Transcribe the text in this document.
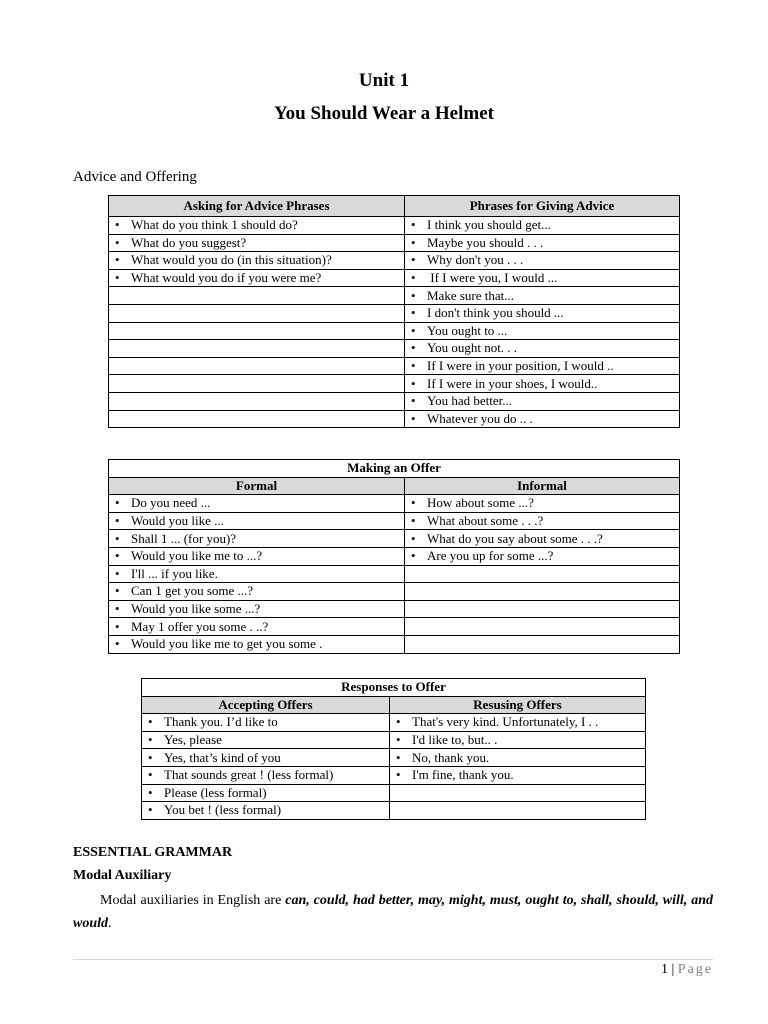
Unit 1
You Should Wear a Helmet
Advice and Offering
Asking for Advice Phrases	Phrases for Giving Advice
• What do you think 1 should do?	• I think you should get...
• What do you suggest?	• Maybe you should . . .
• What would you do (in this situation)?	• Why don't you . . .
• What would you do if you were me?	• If I were you, I would ...
	• Make sure that...
	• I don't think you should ...
	• You ought to ...
	• You ought not. . .
	• If I were in your position, I would ..
	• If I were in your shoes, I would..
	• You had better...
	• Whatever you do .. .
Making an Offer	
Formal	Informal
• Do you need ...	• How about some ...?
• Would you like ...	• What about some . . .?
• Shall 1 ... (for you)?	• What do you say about some . . .?
• Would you like me to ...?	• Are you up for some ...?
• I'll ... if you like.	
• Can 1 get you some ...?	
• Would you like some ...?	
• May 1 offer you some . ..?	
• Would you like me to get you some .	
Responses to Offer	
Accepting Offers	Resusing Offers
• Thank you. I’d like to	• That's very kind. Unfortunately, I . .
• Yes, please	• I'd like to, but.. .
• Yes, that’s kind of you	• No, thank you.
• That sounds great ! (less formal)	• I'm fine, thank you.
• Please (less formal)	
• You bet ! (less formal)	
ESSENTIAL GRAMMAR
Modal Auxiliary

Modal auxiliaries in English are can, could, had better, may, might, must, ought to, shall, should, will, and would.

1 | Page
